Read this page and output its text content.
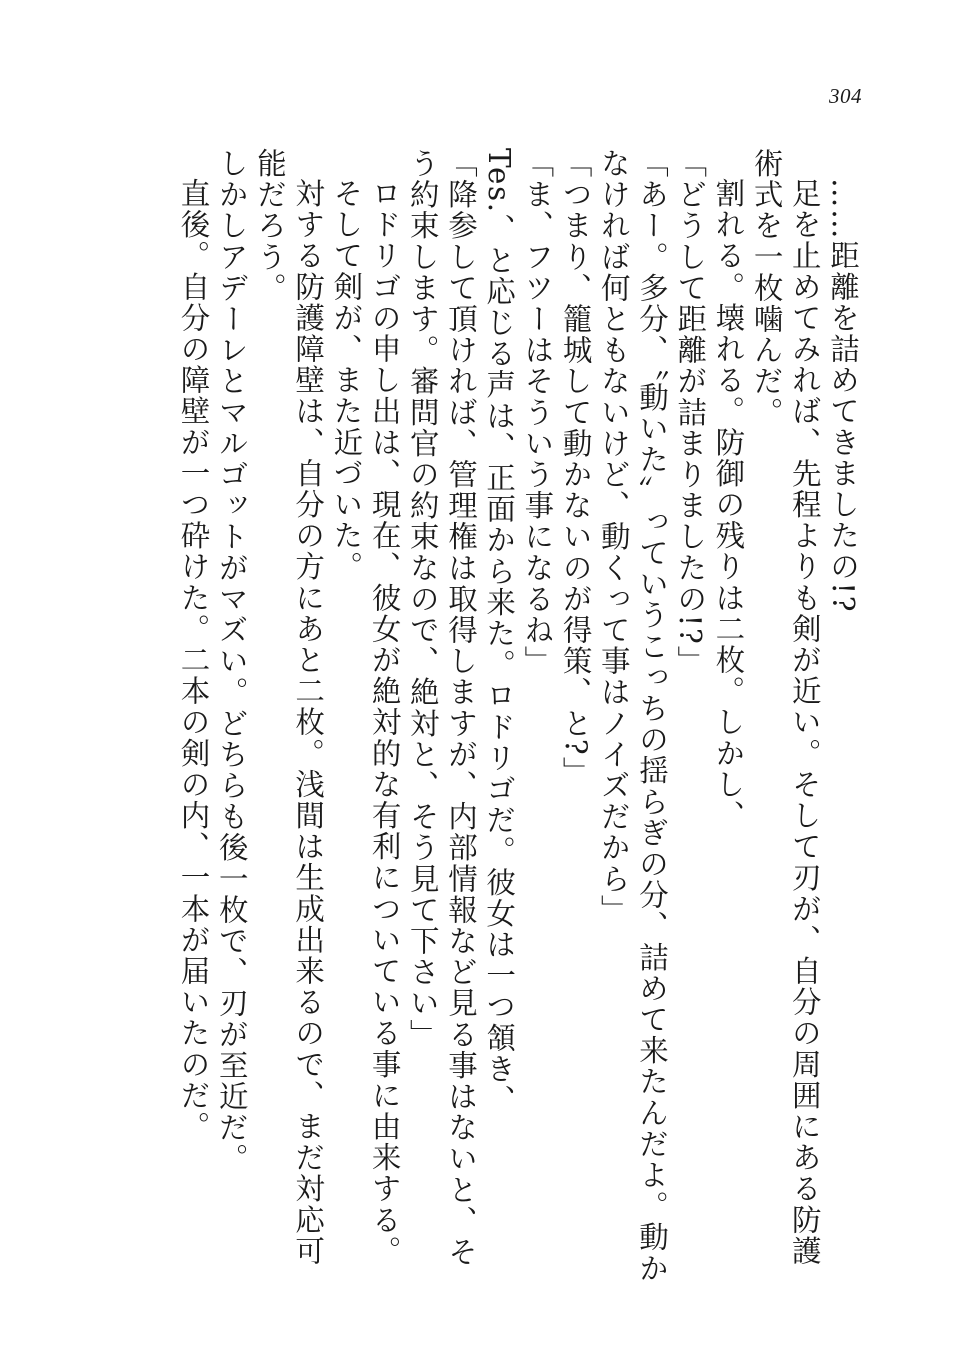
304

……距離を詰めてきましたの!?

足を止めてみれば、先程よりも剣が近い。そして刃が、自分の周囲にある防護術式を一枚噛んだ。

割れる。壊れる。防御の残りは二枚。しかし、

「どうして距離が詰まりましたの!?」

「あー。多分、〝動いた〟っていうこっちの揺らぎの分、詰めて来たんだよ。動かなければ何ともないけど、動くって事はノイズだから」

「つまり、籠城して動かないのが得策、と?」

「ま、フツーはそういう事になるね」

Tes.、と応じる声は、正面から来た。ロドリゴだ。彼女は一つ頷き、

「降参して頂ければ、管理権は取得しますが、内部情報など見る事はないと、そう約束します。審問官の約束なので、絶対と、そう見て下さい」

ロドリゴの申し出は、現在、彼女が絶対的な有利についている事に由来する。

そして剣が、また近づいた。

対する防護障壁は、自分の方にあと二枚。浅間は生成出来るので、まだ対応可能だろう。

しかしアデーレとマルゴットがマズい。どちらも後一枚で、刃が至近だ。

直後。自分の障壁が一つ砕けた。二本の剣の内、一本が届いたのだ。
